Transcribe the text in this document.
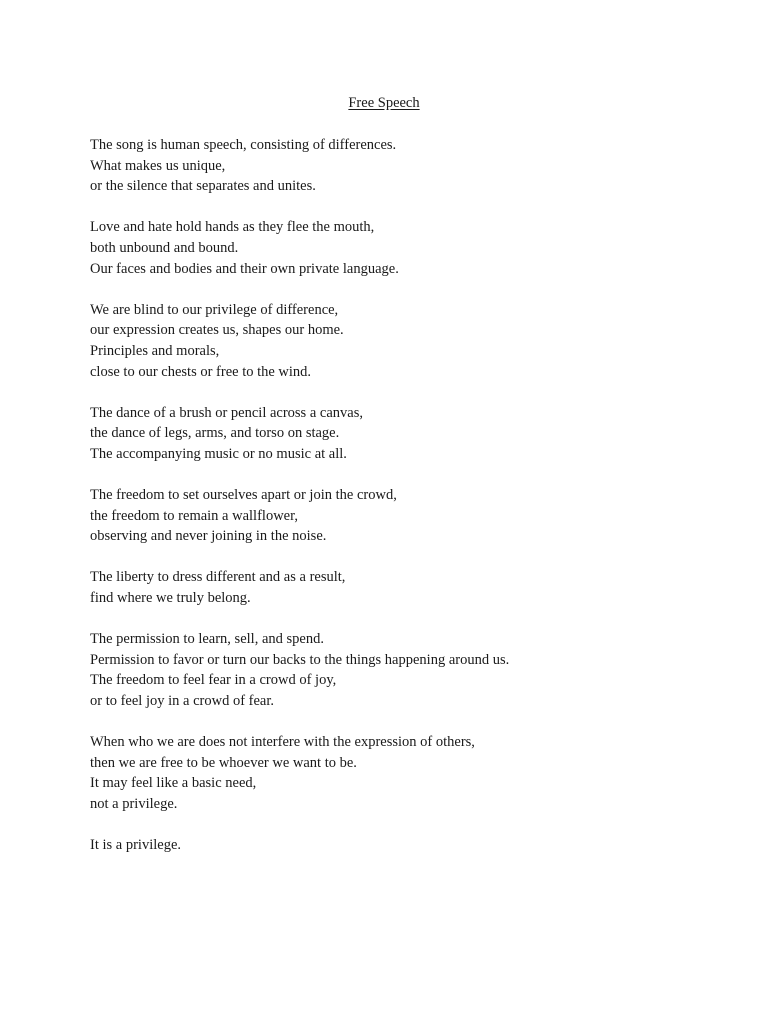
Free Speech
The song is human speech, consisting of differences.
What makes us unique,
or the silence that separates and unites.
Love and hate hold hands as they flee the mouth,
both unbound and bound.
Our faces and bodies and their own private language.
We are blind to our privilege of difference,
our expression creates us, shapes our home.
Principles and morals,
close to our chests or free to the wind.
The dance of a brush or pencil across a canvas,
the dance of legs, arms, and torso on stage.
The accompanying music or no music at all.
The freedom to set ourselves apart or join the crowd,
the freedom to remain a wallflower,
observing and never joining in the noise.
The liberty to dress different and as a result,
find where we truly belong.
The permission to learn, sell, and spend.
Permission to favor or turn our backs to the things happening around us.
The freedom to feel fear in a crowd of joy,
or to feel joy in a crowd of fear.
When who we are does not interfere with the expression of others,
then we are free to be whoever we want to be.
It may feel like a basic need,
not a privilege.
It is a privilege.
